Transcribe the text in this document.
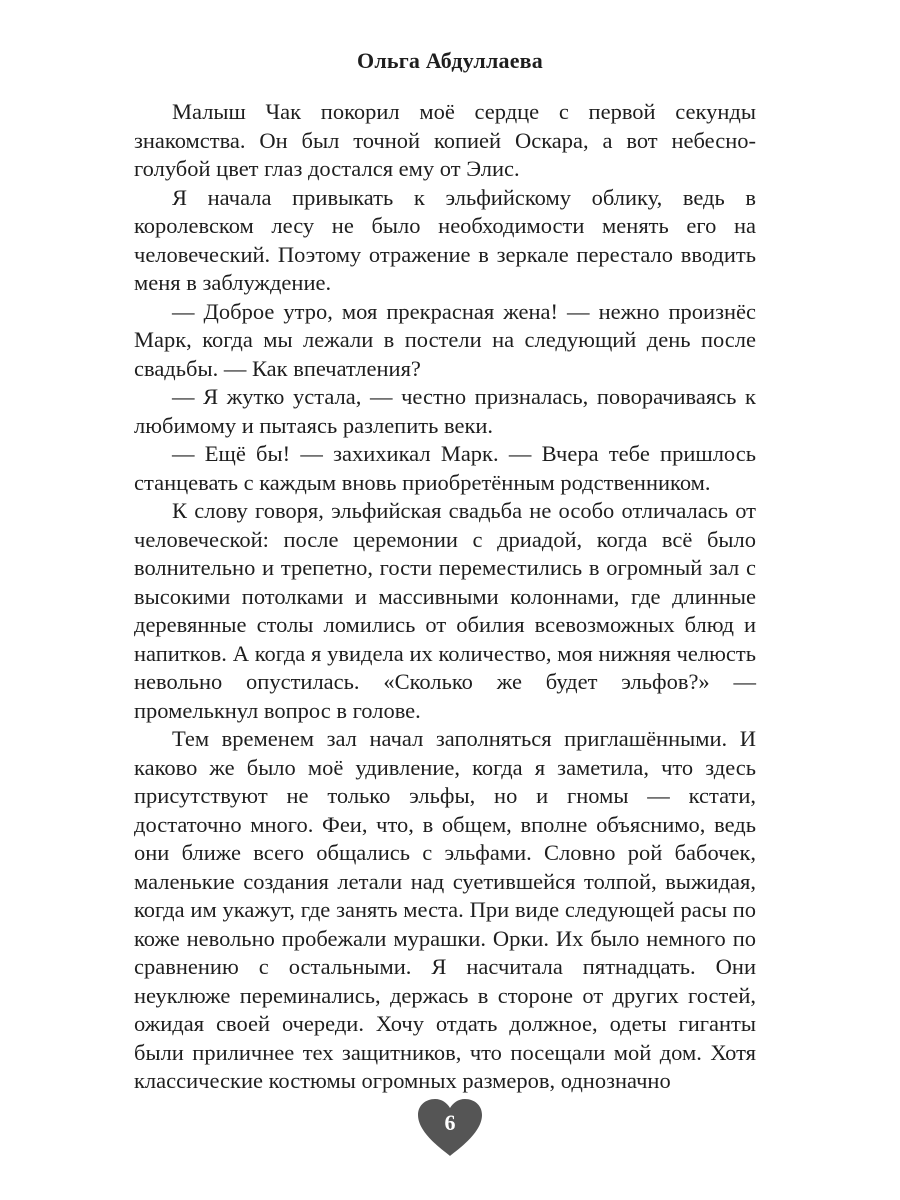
Ольга Абдуллаева

Малыш Чак покорил моё сердце с первой секунды знакомства. Он был точной копией Оскара, а вот небесно-голубой цвет глаз достался ему от Элис.

Я начала привыкать к эльфийскому облику, ведь в королевском лесу не было необходимости менять его на человеческий. Поэтому отражение в зеркале перестало вводить меня в заблуждение.

— Доброе утро, моя прекрасная жена! — нежно произнёс Марк, когда мы лежали в постели на следующий день после свадьбы. — Как впечатления?

— Я жутко устала, — честно призналась, поворачиваясь к любимому и пытаясь разлепить веки.

— Ещё бы! — захихикал Марк. — Вчера тебе пришлось станцевать с каждым вновь приобретённым родственником.

К слову говоря, эльфийская свадьба не особо отличалась от человеческой: после церемонии с дриадой, когда всё было волнительно и трепетно, гости переместились в огромный зал с высокими потолками и массивными колоннами, где длинные деревянные столы ломились от обилия всевозможных блюд и напитков. А когда я увидела их количество, моя нижняя челюсть невольно опустилась. «Сколько же будет эльфов?» — промелькнул вопрос в голове.

Тем временем зал начал заполняться приглашёнными. И каково же было моё удивление, когда я заметила, что здесь присутствуют не только эльфы, но и гномы — кстати, достаточно много. Феи, что, в общем, вполне объяснимо, ведь они ближе всего общались с эльфами. Словно рой бабочек, маленькие создания летали над суетившейся толпой, выжидая, когда им укажут, где занять места. При виде следующей расы по коже невольно пробежали мурашки. Орки. Их было немного по сравнению с остальными. Я насчитала пятнадцать. Они неуклюже переминались, держась в стороне от других гостей, ожидая своей очереди. Хочу отдать должное, одеты гиганты были приличнее тех защитников, что посещали мой дом. Хотя классические костюмы огромных размеров, однозначно

6
